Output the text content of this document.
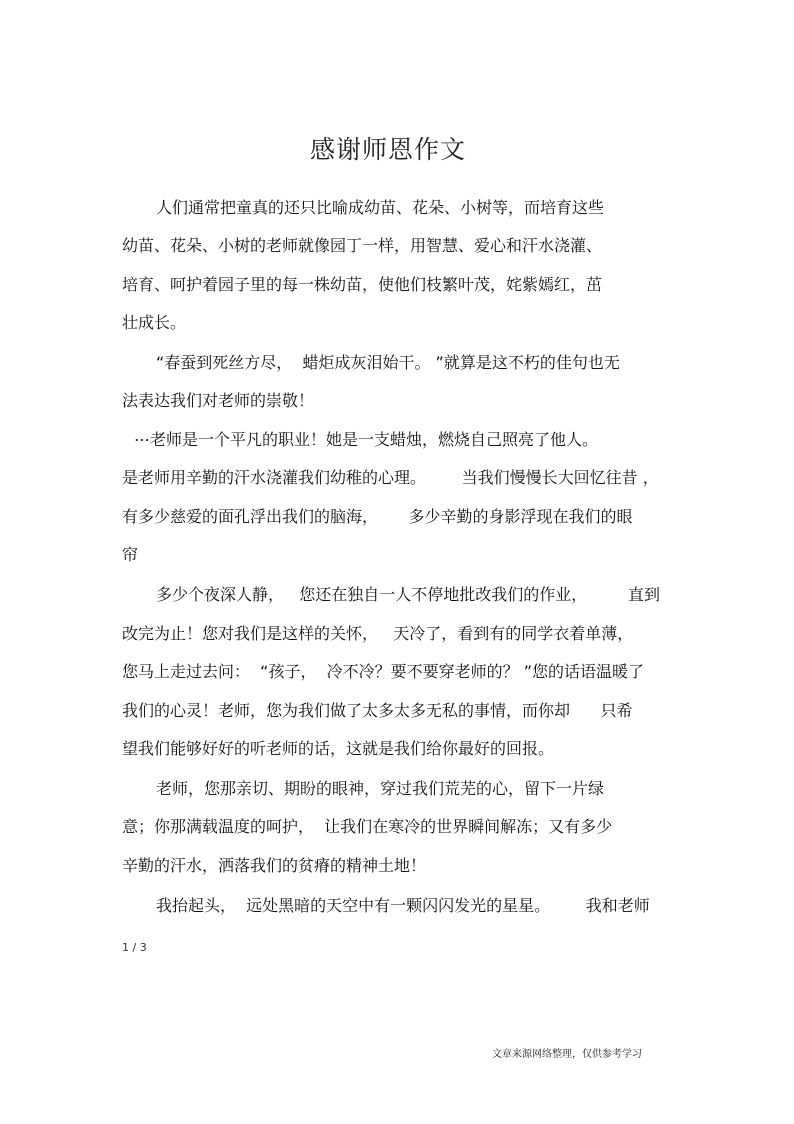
感谢师恩作文
人们通常把童真的还只比喻成幼苗、花朵、小树等，而培育这些
幼苗、花朵、小树的老师就像园丁一样，用智慧、爱心和汗水浇灌、
培育、呵护着园子里的每一株幼苗，使他们枝繁叶茂，姹紫嫣红，茁
壮成长。
“春蚕到死丝方尽，  蜡炬成灰泪始干。 ”就算是这不朽的佳句也无
法表达我们对老师的崇敬！
⋯老师是一个平凡的职业！她是一支蜡烛，燃烧自己照亮了他人。
是老师用辛勤的汗水浇灌我们幼稚的心理。       当我们慢慢长大回忆往昔 ，
有多少慈爱的面孔浮出我们的脑海，      多少辛勤的身影浮现在我们的眼
帘
多少个夜深人静，   您还在独自一人不停地批改我们的作业，        直到
改完为止！您对我们是这样的关怀，   天冷了，看到有的同学衣着单薄，
您马上走过去问：  “孩子，  冷不冷？要不要穿老师的？ ”您的话语温暖了
我们的心灵！老师，您为我们做了太多太多无私的事情，而你却      只希
望我们能够好好的听老师的话，这就是我们给你最好的回报。
老师，您那亲切、期盼的眼神，穿过我们荒芜的心，留下一片绿
意；你那满载温度的呵护，  让我们在寒冷的世界瞬间解冻；又有多少
辛勤的汗水，洒落我们的贫瘠的精神土地！
我抬起头，  远处黑暗的天空中有一颗闪闪发光的星星。       我和老师
1 / 3
文章来源网络整理，仅供参考学习
